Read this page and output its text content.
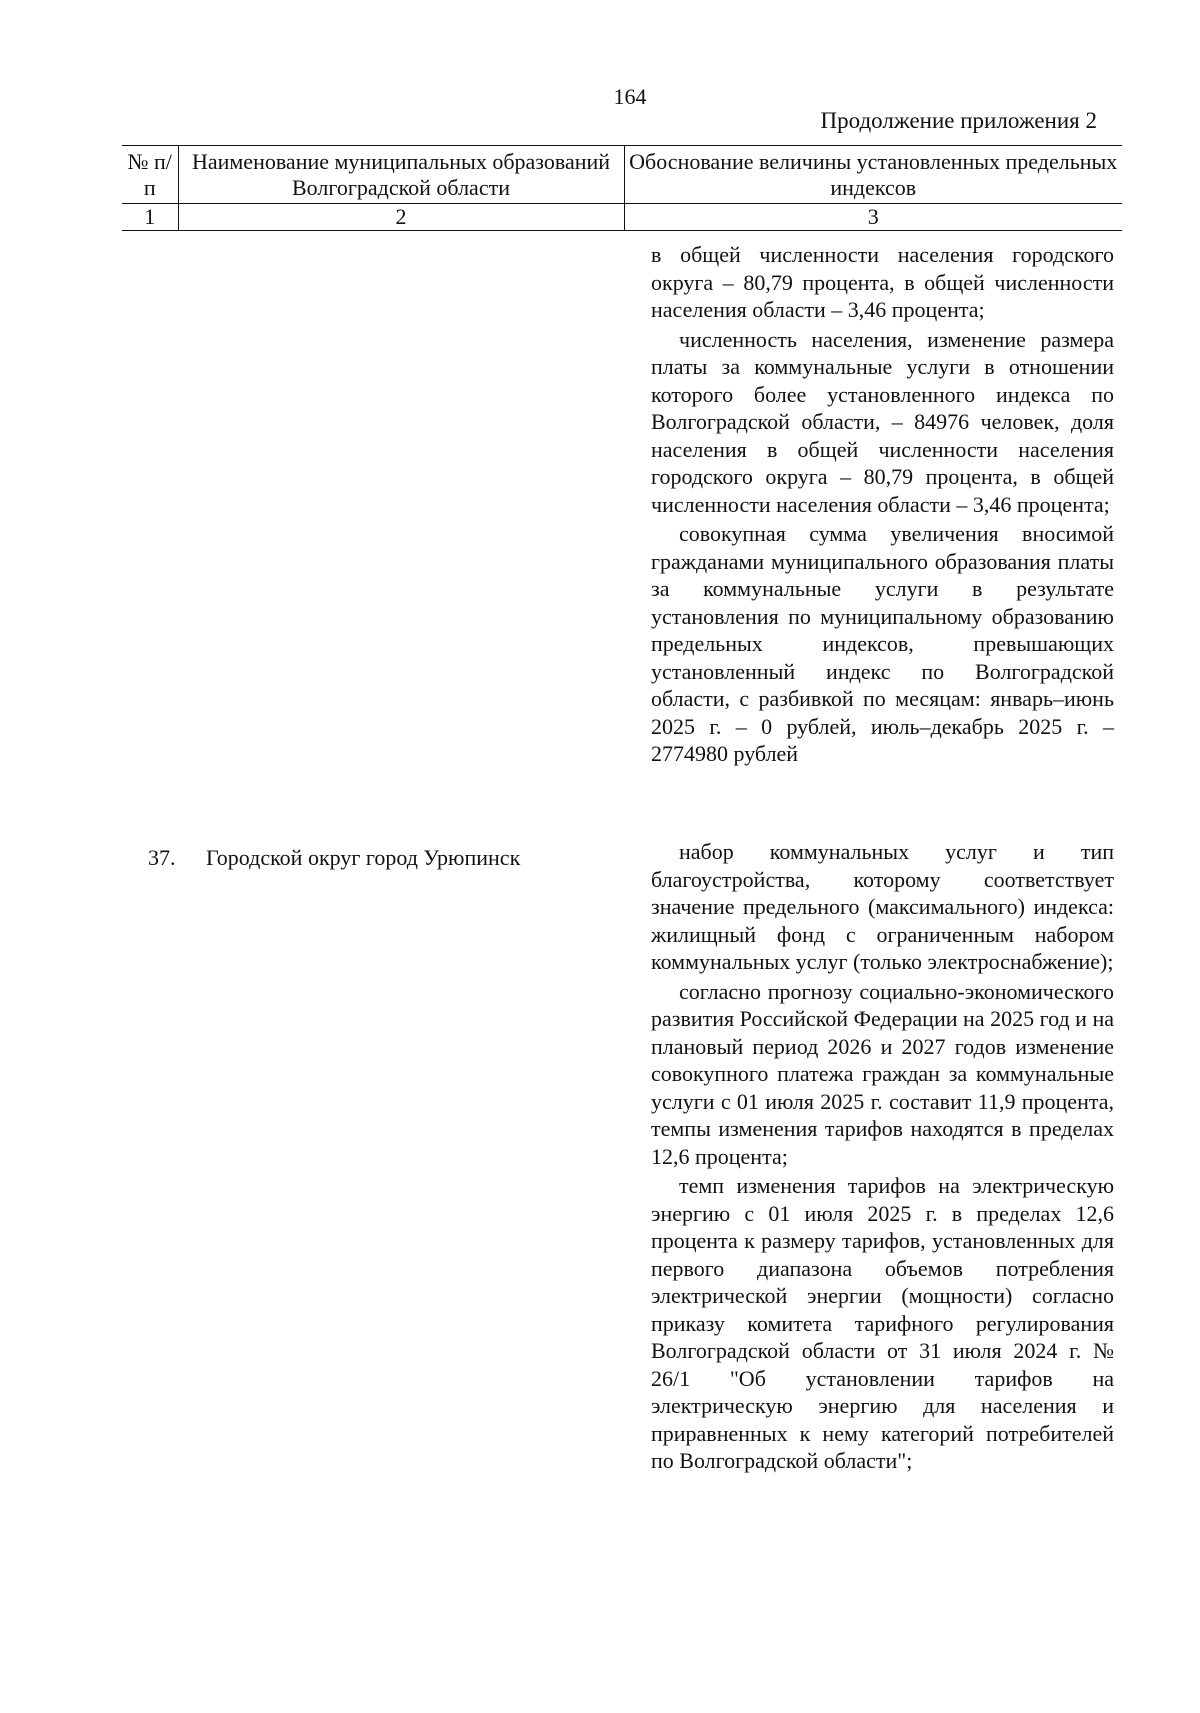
164
Продолжение приложения 2
№ п/п	Наименование муниципальных образований Волгоградской области	Обоснование величины установленных предельных индексов
1	2	3

в общей численности населения городского округа – 80,79 процента, в общей численности населения области – 3,46 процента;

численность населения, изменение размера платы за коммунальные услуги в отношении которого более установленного индекса по Волгоградской области, – 84976 человек, доля населения в общей численности населения городского округа – 80,79 процента, в общей численности населения области – 3,46 процента;

совокупная сумма увеличения вносимой гражданами муниципального образования платы за коммунальные услуги в результате установления по муниципальному образованию предельных индексов, превышающих установленный индекс по Волгоградской области, с разбивкой по месяцам: январь–июнь 2025 г. – 0 рублей, июль–декабрь 2025 г. – 2774980 рублей

37. Городской округ город Урюпинск	набор коммунальных услуг и тип благоустройства, которому соответствует значение предельного (максимального) индекса: жилищный фонд с ограниченным набором коммунальных услуг (только электроснабжение);

согласно прогнозу социально-экономического развития Российской Федерации на 2025 год и на плановый период 2026 и 2027 годов изменение совокупного платежа граждан за коммунальные услуги с 01 июля 2025 г. составит 11,9 процента, темпы изменения тарифов находятся в пределах 12,6 процента;

темп изменения тарифов на электрическую энергию с 01 июля 2025 г. в пределах 12,6 процента к размеру тарифов, установленных для первого диапазона объемов потребления электрической энергии (мощности) согласно приказу комитета тарифного регулирования Волгоградской области от 31 июля 2024 г. № 26/1 "Об установлении тарифов на электрическую энергию для населения и приравненных к нему категорий потребителей по Волгоградской области";
